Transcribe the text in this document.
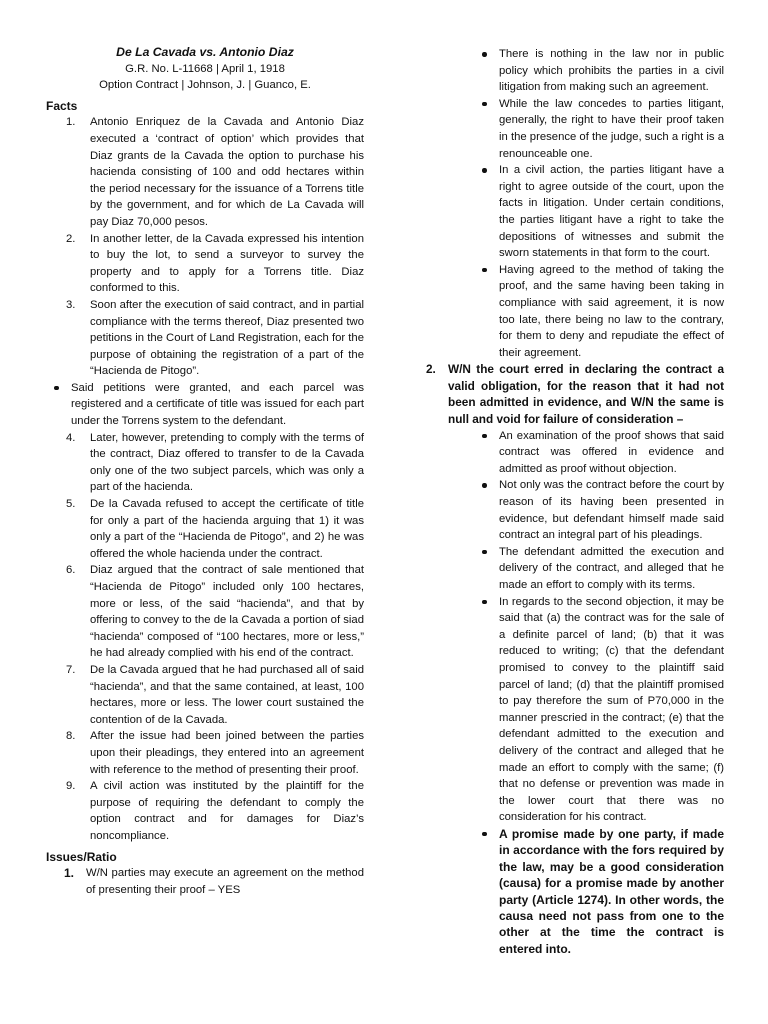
De La Cavada vs. Antonio Diaz
G.R. No. L-11668 | April 1, 1918
Option Contract | Johnson, J. | Guanco, E.
Facts
1. Antonio Enriquez de la Cavada and Antonio Diaz executed a ‘contract of option’ which provides that Diaz grants de la Cavada the option to purchase his hacienda consisting of 100 and odd hectares within the period necessary for the issuance of a Torrens title by the government, and for which de La Cavada will pay Diaz 70,000 pesos.
2. In another letter, de la Cavada expressed his intention to buy the lot, to send a surveyor to survey the property and to apply for a Torrens title. Diaz conformed to this.
3. Soon after the execution of said contract, and in partial compliance with the terms thereof, Diaz presented two petitions in the Court of Land Registration, each for the purpose of obtaining the registration of a part of the “Hacienda de Pitogo”.
Said petitions were granted, and each parcel was registered and a certificate of title was issued for each part under the Torrens system to the defendant.
4. Later, however, pretending to comply with the terms of the contract, Diaz offered to transfer to de la Cavada only one of the two subject parcels, which was only a part of the hacienda.
5. De la Cavada refused to accept the certificate of title for only a part of the hacienda arguing that 1) it was only a part of the “Hacienda de Pitogo”, and 2) he was offered the whole hacienda under the contract.
6. Diaz argued that the contract of sale mentioned that “Hacienda de Pitogo” included only 100 hectares, more or less, of the said “hacienda”, and that by offering to convey to the de la Cavada a portion of siad “hacienda” composed of “100 hectares, more or less,” he had already complied with his end of the contract.
7. De la Cavada argued that he had purchased all of said “hacienda”, and that the same contained, at least, 100 hectares, more or less. The lower court sustained the contention of de la Cavada.
8. After the issue had been joined between the parties upon their pleadings, they entered into an agreement with reference to the method of presenting their proof.
9. A civil action was instituted by the plaintiff for the purpose of requiring the defendant to comply the option contract and for damages for Diaz’s noncompliance.
Issues/Ratio
1. W/N parties may execute an agreement on the method of presenting their proof – YES
There is nothing in the law nor in public policy which prohibits the parties in a civil litigation from making such an agreement.
While the law concedes to parties litigant, generally, the right to have their proof taken in the presence of the judge, such a right is a renounceable one.
In a civil action, the parties litigant have a right to agree outside of the court, upon the facts in litigation. Under certain conditions, the parties litigant have a right to take the depositions of witnesses and submit the sworn statements in that form to the court.
Having agreed to the method of taking the proof, and the same having been taking in compliance with said agreement, it is now too late, there being no law to the contrary, for them to deny and repudiate the effect of their agreement.
2. W/N the court erred in declaring the contract a valid obligation, for the reason that it had not been admitted in evidence, and W/N the same is null and void for failure of consideration –
An examination of the proof shows that said contract was offered in evidence and admitted as proof without objection.
Not only was the contract before the court by reason of its having been presented in evidence, but defendant himself made said contract an integral part of his pleadings.
The defendant admitted the execution and delivery of the contract, and alleged that he made an effort to comply with its terms.
In regards to the second objection, it may be said that (a) the contract was for the sale of a definite parcel of land; (b) that it was reduced to writing; (c) that the defendant promised to convey to the plaintiff said parcel of land; (d) that the plaintiff promised to pay therefore the sum of P70,000 in the manner prescried in the contract; (e) that the defendant admitted to the execution and delivery of the contract and alleged that he made an effort to comply with the same; (f) that no defense or prevention was made in the lower court that there was no consideration for his contract.
A promise made by one party, if made in accordance with the fors required by the law, may be a good consideration (causa) for a promise made by another party (Article 1274). In other words, the causa need not pass from one to the other at the time the contract is entered into.
